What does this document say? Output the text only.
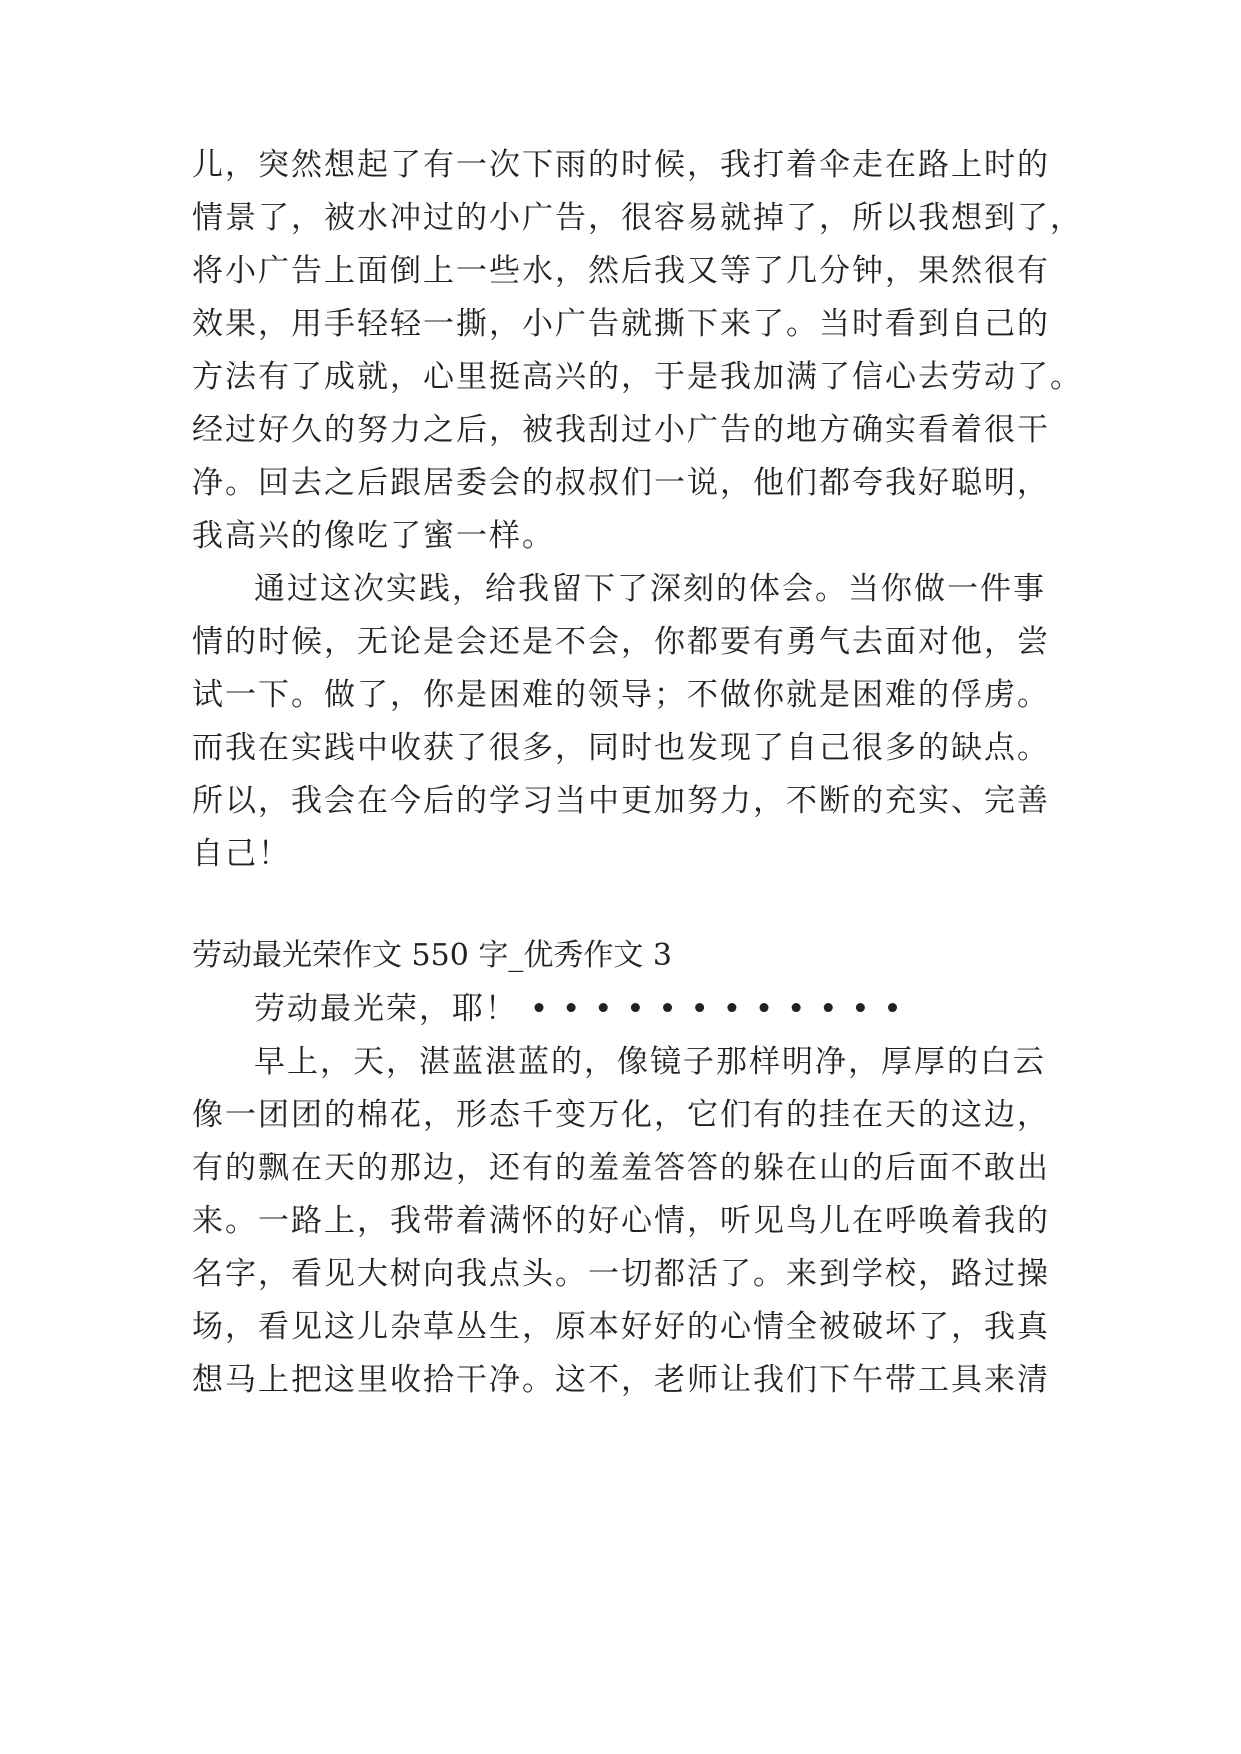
儿，突然想起了有一次下雨的时候，我打着伞走在路上时的
情景了，被水冲过的小广告，很容易就掉了，所以我想到了，
将小广告上面倒上一些水，然后我又等了几分钟，果然很有
效果，用手轻轻一撕，小广告就撕下来了。当时看到自己的
方法有了成就，心里挺高兴的，于是我加满了信心去劳动了。
经过好久的努力之后，被我刮过小广告的地方确实看着很干
净。回去之后跟居委会的叔叔们一说，他们都夸我好聪明，
我高兴的像吃了蜜一样。
通过这次实践，给我留下了深刻的体会。当你做一件事
情的时候，无论是会还是不会，你都要有勇气去面对他，尝
试一下。做了，你是困难的领导；不做你就是困难的俘虏。
而我在实践中收获了很多，同时也发现了自己很多的缺点。
所以，我会在今后的学习当中更加努力，不断的充实、完善
自己！
劳动最光荣作文 550 字_优秀作文 3
劳动最光荣，耶！ • • • • • • • • • • • •
早上，天，湛蓝湛蓝的，像镜子那样明净，厚厚的白云
像一团团的棉花，形态千变万化，它们有的挂在天的这边，
有的飘在天的那边，还有的羞羞答答的躲在山的后面不敢出
来。一路上，我带着满怀的好心情，听见鸟儿在呼唤着我的
名字，看见大树向我点头。一切都活了。来到学校，路过操
场，看见这儿杂草丛生，原本好好的心情全被破坏了，我真
想马上把这里收拾干净。这不，老师让我们下午带工具来清
